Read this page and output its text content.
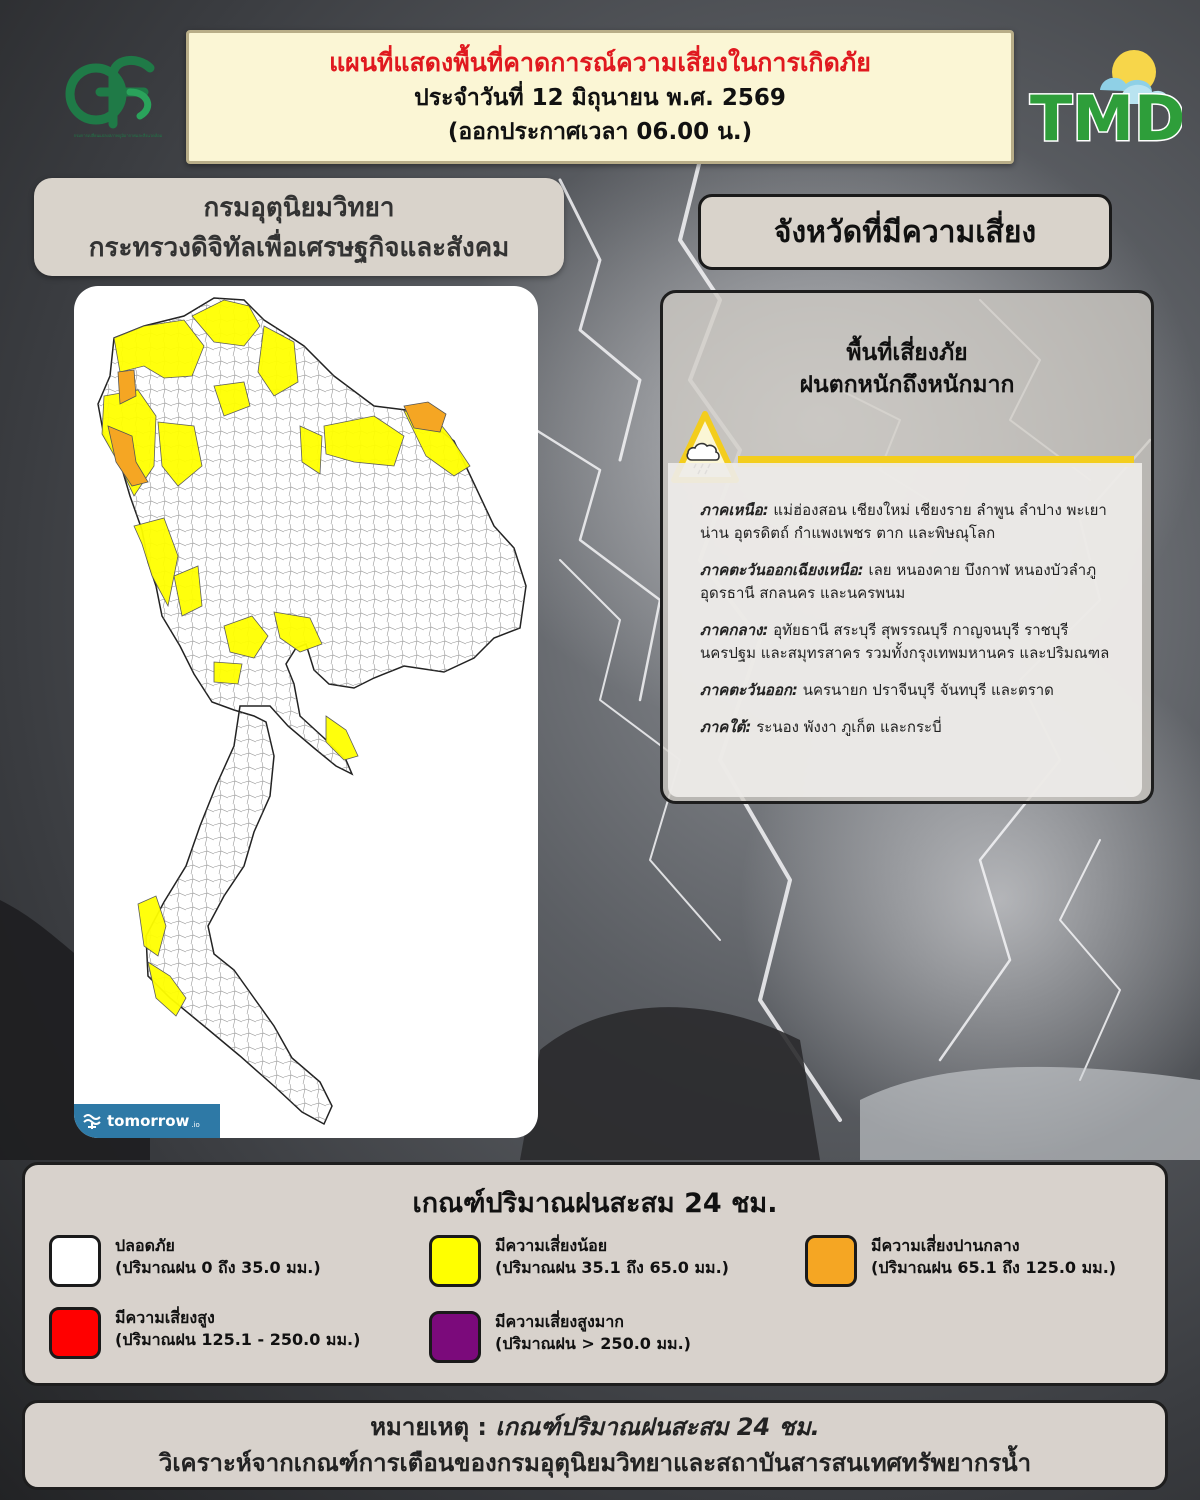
กรมการเปลี่ยนแปลงสภาพภูมิอากาศและสิ่งแวดล้อม
แผนที่แสดงพื้นที่คาดการณ์ความเสี่ยงในการเกิดภัย
ประจำวันที่ 12 มิถุนายน พ.ศ. 2569
(ออกประกาศเวลา 06.00 น.)	TMD
กรมอุตุนิยมวิทยา
กระทรวงดิจิทัลเพื่อเศรษฐกิจและสังคม	จังหวัดที่มีความเสี่ยง
tomorrow .io
พื้นที่เสี่ยงภัย
ฝนตกหนักถึงหนักมาก
ภาคเหนือ: แม่ฮ่องสอน เชียงใหม่ เชียงราย ลำพูน ลำปาง พะเยา น่าน อุตรดิตถ์ กำแพงเพชร ตาก และพิษณุโลก
ภาคตะวันออกเฉียงเหนือ: เลย หนองคาย บึงกาฬ หนองบัวลำภู อุดรธานี สกลนคร และนครพนม
ภาคกลาง: อุทัยธานี สระบุรี สุพรรณบุรี กาญจนบุรี ราชบุรี นครปฐม และสมุทรสาคร รวมทั้งกรุงเทพมหานคร และปริมณฑล
ภาคตะวันออก: นครนายก ปราจีนบุรี จันทบุรี และตราด
ภาคใต้: ระนอง พังงา ภูเก็ต และกระบี่
เกณฑ์ปริมาณฝนสะสม 24 ชม.
ปลอดภัย
(ปริมาณฝน 0 ถึง 35.0 มม.)
มีความเสี่ยงน้อย
(ปริมาณฝน 35.1 ถึง 65.0 มม.)
มีความเสี่ยงปานกลาง
(ปริมาณฝน 65.1 ถึง 125.0 มม.)
มีความเสี่ยงสูง
(ปริมาณฝน 125.1 - 250.0 มม.)
มีความเสี่ยงสูงมาก
(ปริมาณฝน > 250.0 มม.)
หมายเหตุ : เกณฑ์ปริมาณฝนสะสม 24 ชม.
วิเคราะห์จากเกณฑ์การเตือนของกรมอุตุนิยมวิทยาและสถาบันสารสนเทศทรัพยากรน้ำ
